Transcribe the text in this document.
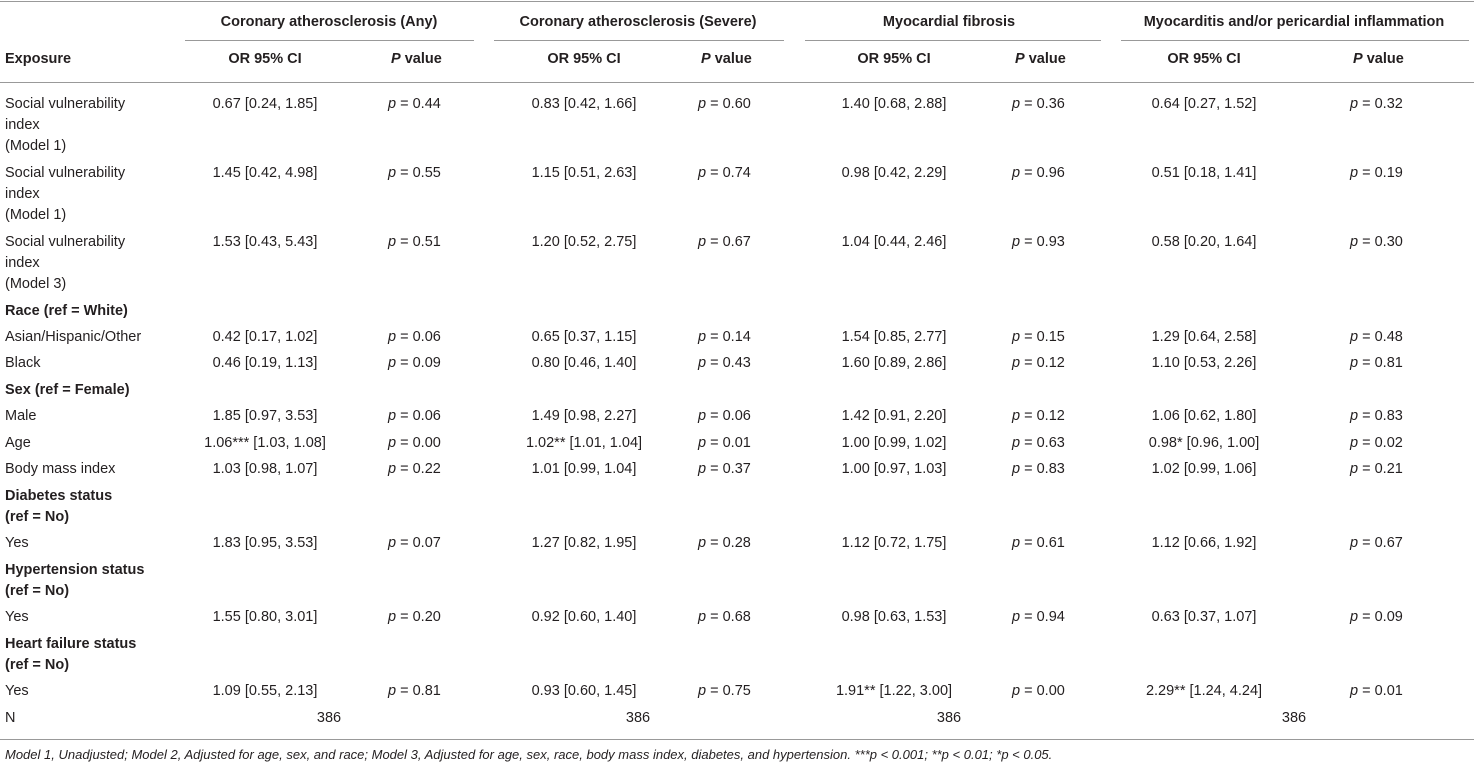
Coronary atherosclerosis (Any)	Coronary atherosclerosis (Severe)	Myocardial fibrosis	Myocarditis and/or pericardial inflammation
Exposure	OR 95% CI	P value	OR 95% CI	P value	OR 95% CI	P value	OR 95% CI	P value
Social vulnerability
index
(Model 1)
0.67 [0.24, 1.85]	p = 0.44	0.83 [0.42, 1.66]	p = 0.60	1.40 [0.68, 2.88]	p = 0.36	0.64 [0.27, 1.52]	p = 0.32
Social vulnerability
index
(Model 1)
1.45 [0.42, 4.98]	p = 0.55	1.15 [0.51, 2.63]	p = 0.74	0.98 [0.42, 2.29]	p = 0.96	0.51 [0.18, 1.41]	p = 0.19
Social vulnerability
index
(Model 3)
1.53 [0.43, 5.43]	p = 0.51	1.20 [0.52, 2.75]	p = 0.67	1.04 [0.44, 2.46]	p = 0.93	0.58 [0.20, 1.64]	p = 0.30
Race (ref = White)
Asian/Hispanic/Other	0.42 [0.17, 1.02]	p = 0.06	0.65 [0.37, 1.15]	p = 0.14	1.54 [0.85, 2.77]	p = 0.15	1.29 [0.64, 2.58]	p = 0.48
Black	0.46 [0.19, 1.13]	p = 0.09	0.80 [0.46, 1.40]	p = 0.43	1.60 [0.89, 2.86]	p = 0.12	1.10 [0.53, 2.26]	p = 0.81
Sex (ref = Female)
Male	1.85 [0.97, 3.53]	p = 0.06	1.49 [0.98, 2.27]	p = 0.06	1.42 [0.91, 2.20]	p = 0.12	1.06 [0.62, 1.80]	p = 0.83
Age	1.06*** [1.03, 1.08]	p = 0.00	1.02** [1.01, 1.04]	p = 0.01	1.00 [0.99, 1.02]	p = 0.63	0.98* [0.96, 1.00]	p = 0.02
Body mass index	1.03 [0.98, 1.07]	p = 0.22	1.01 [0.99, 1.04]	p = 0.37	1.00 [0.97, 1.03]	p = 0.83	1.02 [0.99, 1.06]	p = 0.21
Diabetes status
(ref = No)
Yes	1.83 [0.95, 3.53]	p = 0.07	1.27 [0.82, 1.95]	p = 0.28	1.12 [0.72, 1.75]	p = 0.61	1.12 [0.66, 1.92]	p = 0.67
Hypertension status
(ref = No)
Yes	1.55 [0.80, 3.01]	p = 0.20	0.92 [0.60, 1.40]	p = 0.68	0.98 [0.63, 1.53]	p = 0.94	0.63 [0.37, 1.07]	p = 0.09
Heart failure status
(ref = No)
Yes	1.09 [0.55, 2.13]	p = 0.81	0.93 [0.60, 1.45]	p = 0.75	1.91** [1.22, 3.00]	p = 0.00	2.29** [1.24, 4.24]	p = 0.01
N	386	386	386	386
Model 1, Unadjusted; Model 2, Adjusted for age, sex, and race; Model 3, Adjusted for age, sex, race, body mass index, diabetes, and hypertension. ***p < 0.001; **p < 0.01; *p < 0.05.
